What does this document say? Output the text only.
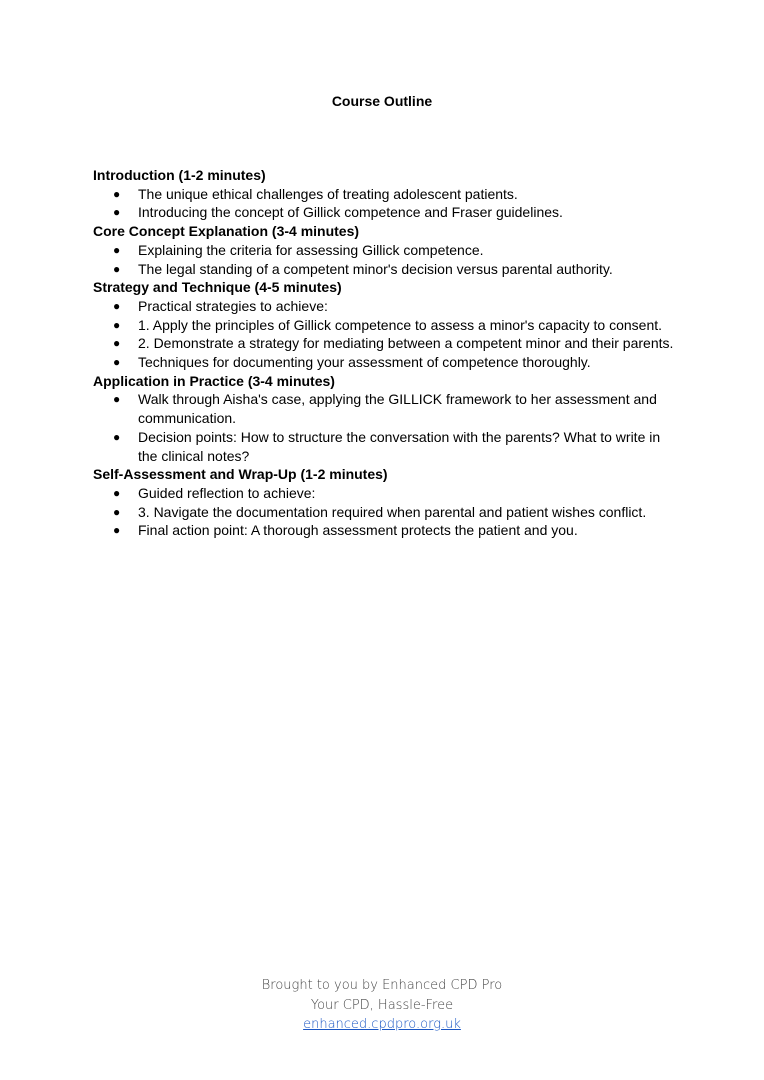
Course Outline

Introduction (1-2 minutes)

● The unique ethical challenges of treating adolescent patients.
● Introducing the concept of Gillick competence and Fraser guidelines.

Core Concept Explanation (3-4 minutes)

● Explaining the criteria for assessing Gillick competence.
● The legal standing of a competent minor's decision versus parental authority.

Strategy and Technique (4-5 minutes)

● Practical strategies to achieve:
● 1. Apply the principles of Gillick competence to assess a minor's capacity to consent.
● 2. Demonstrate a strategy for mediating between a competent minor and their parents.
● Techniques for documenting your assessment of competence thoroughly.

Application in Practice (3-4 minutes)

● Walk through Aisha's case, applying the GILLICK framework to her assessment and communication.
● Decision points: How to structure the conversation with the parents? What to write in the clinical notes?

Self-Assessment and Wrap-Up (1-2 minutes)

● Guided reflection to achieve:
● 3. Navigate the documentation required when parental and patient wishes conflict.
● Final action point: A thorough assessment protects the patient and you.
Brought to you by Enhanced CPD Pro
Your CPD, Hassle-Free
enhanced.cpdpro.org.uk
